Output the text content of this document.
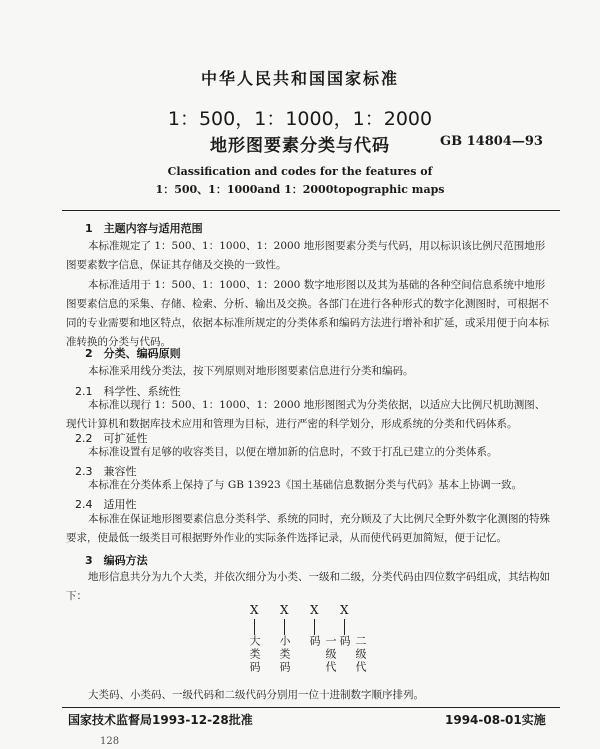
中华人民共和国国家标准
1：500，1：1000，1：2000
地形图要素分类与代码	GB 14804—93
Classification and codes for the features of
1：500、1：1000and 1：2000topographic maps
1　主题内容与适用范围
本标准规定了 1：500、1：1000、1：2000 地形图要素分类与代码，用以标识该比例尺范围地形图要素数字信息，保证其存储及交换的一致性。
本标准适用于 1：500、1：1000、1：2000 数字地形图以及其为基础的各种空间信息系统中地形图要素信息的采集、存储、检索、分析、输出及交换。各部门在进行各种形式的数字化测图时，可根据不同的专业需要和地区特点，依据本标准所规定的分类体系和编码方法进行增补和扩延，或采用便于向本标准转换的分类与代码。
2　分类、编码原则
本标准采用线分类法，按下列原则对地形图要素信息进行分类和编码。
2.1　科学性、系统性
本标准以现行 1：500、1：1000、1：2000 地形图图式为分类依据，以适应大比例尺机助测图、现代计算机和数据库技术应用和管理为目标，进行严密的科学划分，形成系统的分类和代码体系。
2.2　可扩延性
本标准设置有足够的收容类目，以便在增加新的信息时，不致于打乱已建立的分类体系。
2.3　兼容性
本标准在分类体系上保持了与 GB 13923《国土基础信息数据分类与代码》基本上协调一致。
2.4　适用性
本标准在保证地形图要素信息分类科学、系统的同时，充分顾及了大比例尺全野外数字化测图的特殊要求，使最低一级类目可根据野外作业的实际条件选择记录，从而使代码更加简短，便于记忆。
3　编码方法
地形信息共分为九个大类，并依次细分为小类、一级和二级，分类代码由四位数字码组成，其结构如下：
X X X X
大类码 小类码	一级代码	二级代码
大类码、小类码、一级代码和二级代码分别用一位十进制数字顺序排列。
国家技术监督局1993-12-28批准	1994-08-01实施
128
